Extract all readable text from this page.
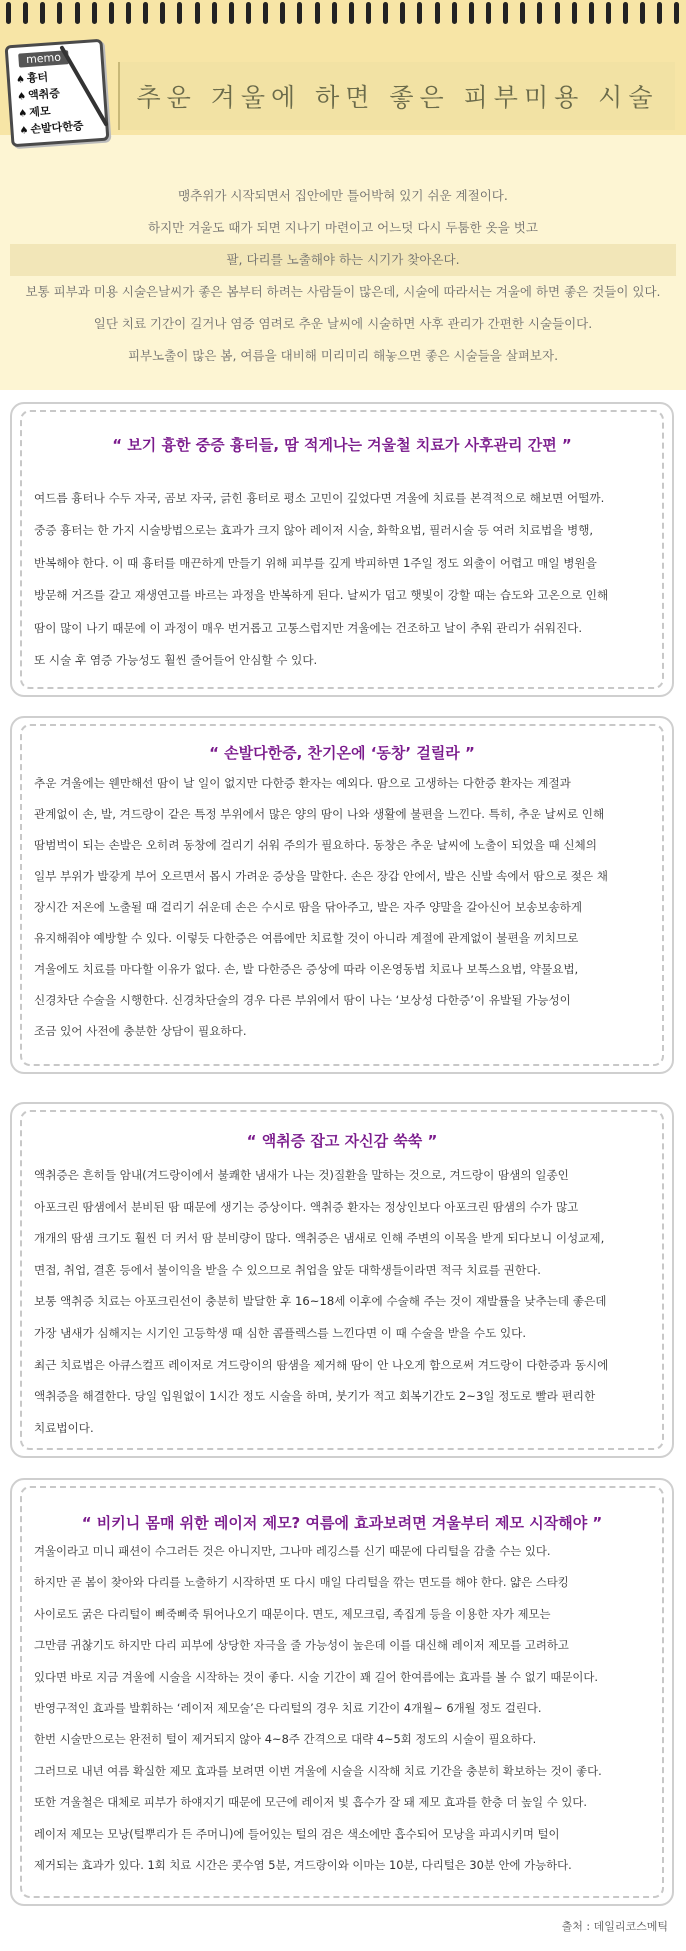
memo
♠흉터
♠액취증
♠제모
♠손발다한증
추운 겨울에 하면 좋은 피부미용 시술
맹추위가 시작되면서 집안에만 틀어박혀 있기 쉬운 계절이다.
하지만 겨울도 때가 되면 지나기 마련이고 어느덧 다시 두툼한 옷을 벗고
팔, 다리를 노출해야 하는 시기가 찾아온다.
보통 피부과 미용 시술은날씨가 좋은 봄부터 하려는 사람들이 많은데, 시술에 따라서는 겨울에 하면 좋은 것들이 있다.
일단 치료 기간이 길거나 염증 염려로 추운 날씨에 시술하면 사후 관리가 간편한 시술들이다.
피부노출이 많은 봄, 여름을 대비해 미리미리 해놓으면 좋은 시술들을 살펴보자.
“ 보기 흉한 중증 흉터들, 땀 적게나는 겨울철 치료가 사후관리 간편 ”

여드름 흉터나 수두 자국, 곰보 자국, 긁힌 흉터로 평소 고민이 깊었다면 겨울에 치료를 본격적으로 해보면 어떨까.

중증 흉터는 한 가지 시술방법으로는 효과가 크지 않아 레이저 시술, 화학요법, 필러시술 등 여러 치료법을 병행,

반복해야 한다. 이 때 흉터를 매끈하게 만들기 위해 피부를 깊게 박피하면 1주일 정도 외출이 어렵고 매일 병원을

방문해 거즈를 갈고 재생연고를 바르는 과정을 반복하게 된다. 날씨가 덥고 햇빛이 강할 때는 습도와 고온으로 인해

땀이 많이 나기 때문에 이 과정이 매우 번거롭고 고통스럽지만 겨울에는 건조하고 날이 추워 관리가 쉬워진다.

또 시술 후 염증 가능성도 훨씬 줄어들어 안심할 수 있다.

“ 손발다한증, 찬기온에 ‘동창’ 걸릴라 ”

추운 겨울에는 웬만해선 땀이 날 일이 없지만 다한증 환자는 예외다. 땀으로 고생하는 다한증 환자는 계절과

관계없이 손, 발, 겨드랑이 같은 특정 부위에서 많은 양의 땀이 나와 생활에 불편을 느낀다. 특히, 추운 날씨로 인해

땀범벅이 되는 손발은 오히려 동창에 걸리기 쉬워 주의가 필요하다. 동창은 추운 날씨에 노출이 되었을 때 신체의

일부 부위가 발갛게 부어 오르면서 몹시 가려운 증상을 말한다. 손은 장갑 안에서, 발은 신발 속에서 땀으로 젖은 채

장시간 저온에 노출될 때 걸리기 쉬운데 손은 수시로 땀을 닦아주고, 발은 자주 양말을 갈아신어 보송보송하게

유지해줘야 예방할 수 있다. 이렇듯 다한증은 여름에만 치료할 것이 아니라 계절에 관계없이 불편을 끼치므로

겨울에도 치료를 마다할 이유가 없다. 손, 발 다한증은 증상에 따라 이온영동법 치료나 보톡스요법, 약물요법,

신경차단 수술을 시행한다. 신경차단술의 경우 다른 부위에서 땀이 나는 ‘보상성 다한증’이 유발될 가능성이

조금 있어 사전에 충분한 상담이 필요하다.

“ 액취증 잡고 자신감 쑥쑥 ”

액취증은 흔히들 암내(겨드랑이에서 불쾌한 냄새가 나는 것)질환을 말하는 것으로, 겨드랑이 땀샘의 일종인

아포크린 땀샘에서 분비된 땀 때문에 생기는 증상이다. 액취증 환자는 정상인보다 아포크린 땀샘의 수가 많고

개개의 땀샘 크기도 훨씬 더 커서 땀 분비량이 많다. 액취증은 냄새로 인해 주변의 이목을 받게 되다보니 이성교제,

면접, 취업, 결혼 등에서 불이익을 받을 수 있으므로 취업을 앞둔 대학생들이라면 적극 치료를 권한다.

보통 액취증 치료는 아포크린선이 충분히 발달한 후 16~18세 이후에 수술해 주는 것이 재발률을 낮추는데 좋은데

가장 냄새가 심해지는 시기인 고등학생 때 심한 콤플렉스를 느낀다면 이 때 수술을 받을 수도 있다.

최근 치료법은 아큐스컬프 레이저로 겨드랑이의 땀샘을 제거해 땀이 안 나오게 함으로써 겨드랑이 다한증과 동시에

액취증을 해결한다. 당일 입원없이 1시간 정도 시술을 하며, 붓기가 적고 회복기간도 2~3일 정도로 빨라 편리한

치료법이다.

“ 비키니 몸매 위한 레이저 제모? 여름에 효과보려면 겨울부터 제모 시작해야 ”

겨울이라고 미니 패션이 수그러든 것은 아니지만, 그나마 레깅스를 신기 때문에 다리털을 감출 수는 있다.

하지만 곧 봄이 찾아와 다리를 노출하기 시작하면 또 다시 매일 다리털을 깎는 면도를 해야 한다. 얇은 스타킹

사이로도 굵은 다리털이 삐죽삐죽 튀어나오기 때문이다. 면도, 제모크림, 족집게 등을 이용한 자가 제모는

그만큼 귀찮기도 하지만 다리 피부에 상당한 자극을 줄 가능성이 높은데 이를 대신해 레이저 제모를 고려하고

있다면 바로 지금 겨울에 시술을 시작하는 것이 좋다. 시술 기간이 꽤 길어 한여름에는 효과를 볼 수 없기 때문이다.

반영구적인 효과를 발휘하는 ‘레이저 제모술’은 다리털의 경우 치료 기간이 4개월~ 6개월 정도 걸린다.

한번 시술만으로는 완전히 털이 제거되지 않아 4~8주 간격으로 대략 4~5회 정도의 시술이 필요하다.

그러므로 내년 여름 확실한 제모 효과를 보려면 이번 겨울에 시술을 시작해 치료 기간을 충분히 확보하는 것이 좋다.

또한 겨울철은 대체로 피부가 하얘지기 때문에 모근에 레이저 빛 흡수가 잘 돼 제모 효과를 한층 더 높일 수 있다.

레이저 제모는 모낭(털뿌리가 든 주머니)에 들어있는 털의 검은 색소에만 흡수되어 모낭을 파괴시키며 털이

제거되는 효과가 있다. 1회 치료 시간은 콧수염 5분, 겨드랑이와 이마는 10분, 다리털은 30분 안에 가능하다.

출처 : 데일리코스메틱
